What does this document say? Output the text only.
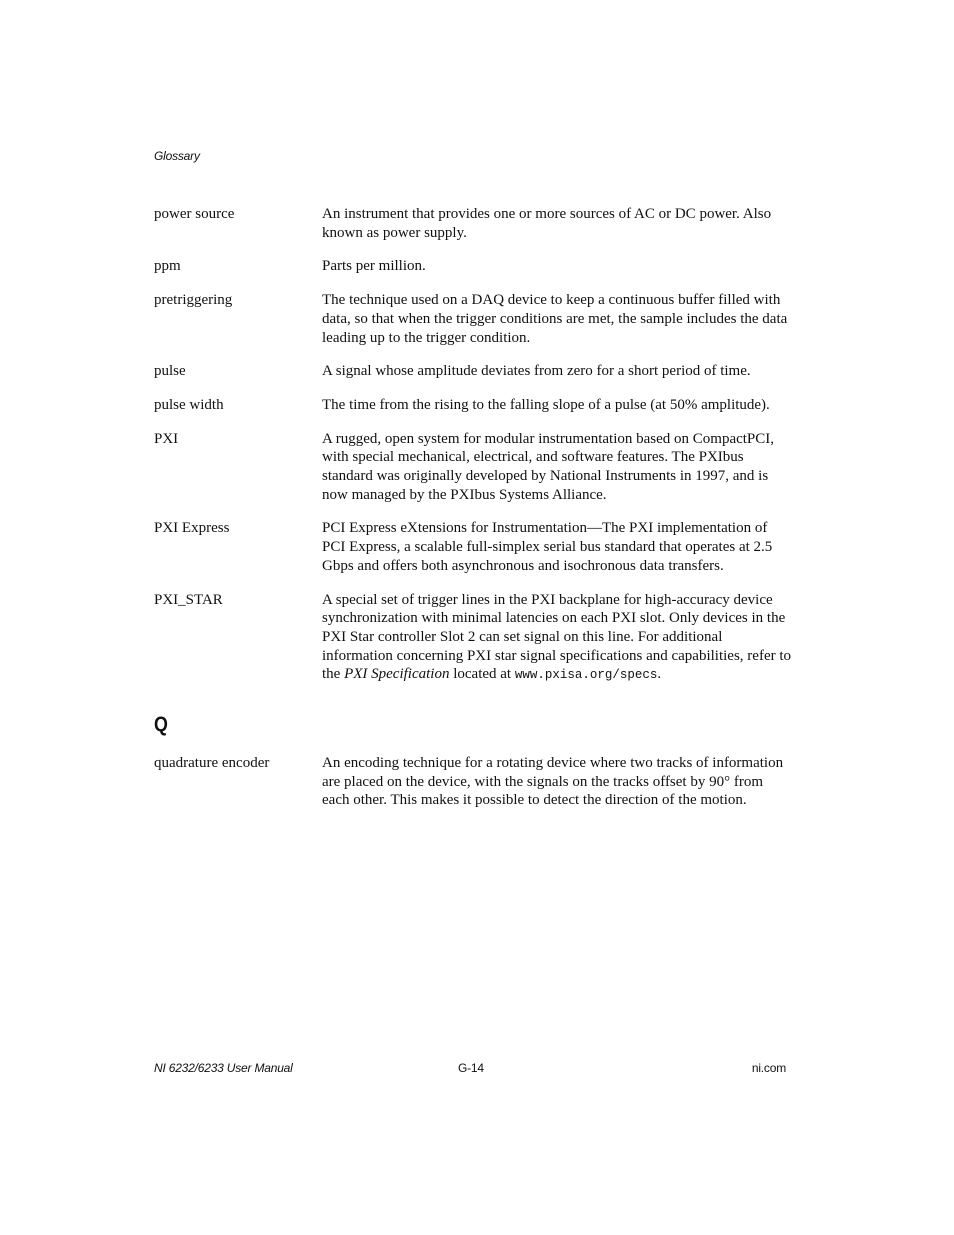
Glossary
power source	An instrument that provides one or more sources of AC or DC power. Also known as power supply.
ppm	Parts per million.
pretriggering	The technique used on a DAQ device to keep a continuous buffer filled with data, so that when the trigger conditions are met, the sample includes the data leading up to the trigger condition.
pulse	A signal whose amplitude deviates from zero for a short period of time.
pulse width	The time from the rising to the falling slope of a pulse (at 50% amplitude).
PXI	A rugged, open system for modular instrumentation based on CompactPCI, with special mechanical, electrical, and software features. The PXIbus standard was originally developed by National Instruments in 1997, and is now managed by the PXIbus Systems Alliance.
PXI Express	PCI Express eXtensions for Instrumentation—The PXI implementation of PCI Express, a scalable full-simplex serial bus standard that operates at 2.5 Gbps and offers both asynchronous and isochronous data transfers.
PXI_STAR	A special set of trigger lines in the PXI backplane for high-accuracy device synchronization with minimal latencies on each PXI slot. Only devices in the PXI Star controller Slot 2 can set signal on this line. For additional information concerning PXI star signal specifications and capabilities, refer to the PXI Specification located at www.pxisa.org/specs.
Q
quadrature encoder	An encoding technique for a rotating device where two tracks of information are placed on the device, with the signals on the tracks offset by 90° from each other. This makes it possible to detect the direction of the motion.
NI 6232/6233 User Manual	G-14	ni.com
